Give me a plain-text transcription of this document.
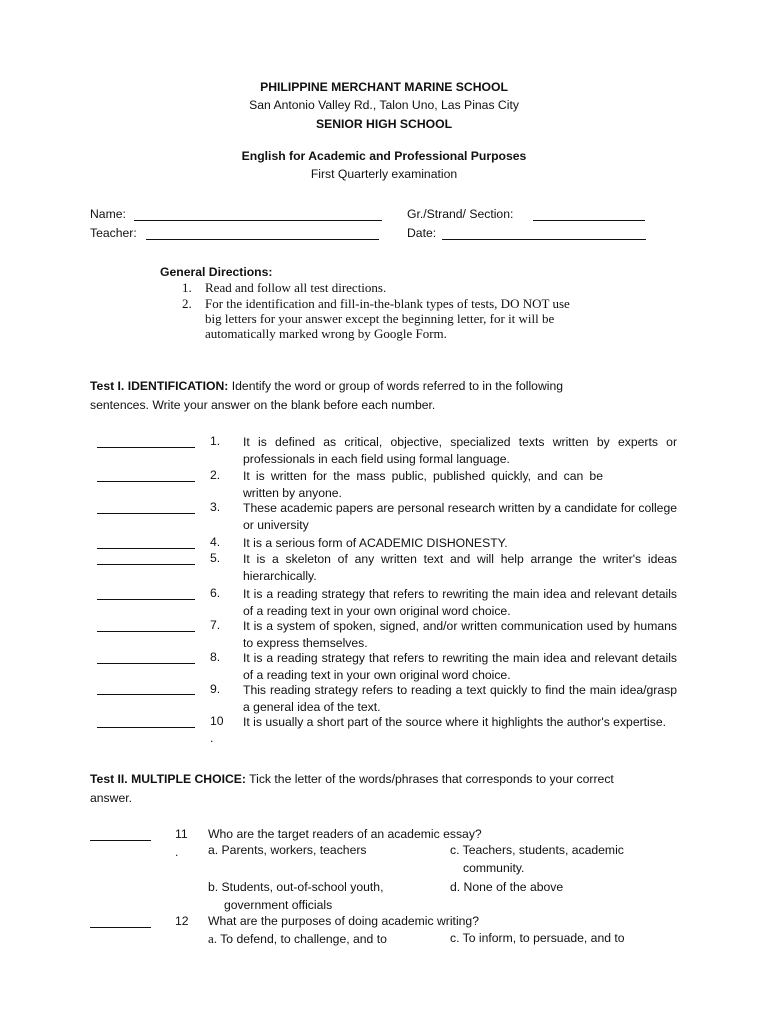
PHILIPPINE MERCHANT MARINE SCHOOL
San Antonio Valley Rd., Talon Uno, Las Pinas City
SENIOR HIGH SCHOOL
English for Academic and Professional Purposes
First Quarterly examination
Name:	Gr./Strand/ Section:
Teacher:	Date:
General Directions:
1. Read and follow all test directions.
2. For the identification and fill-in-the-blank types of tests, DO NOT use
big letters for your answer except the beginning letter, for it will be
automatically marked wrong by Google Form.
Test I. IDENTIFICATION: Identify the word or group of words referred to in the following
sentences. Write your answer on the blank before each number.
1. It is defined as critical, objective, specialized texts written by experts or professionals in each field using formal language.
2. It is written for the mass public, published quickly, and can be written by anyone.
3. These academic papers are personal research written by a candidate for college or university
4. It is a serious form of ACADEMIC DISHONESTY.
5. It is a skeleton of any written text and will help arrange the writer's ideas hierarchically.
6. It is a reading strategy that refers to rewriting the main idea and relevant details of a reading text in your own original word choice.
7. It is a system of spoken, signed, and/or written communication used by humans to express themselves.
8. It is a reading strategy that refers to rewriting the main idea and relevant details of a reading text in your own original word choice.
9. This reading strategy refers to reading a text quickly to find the main idea/grasp a general idea of the text.
10
.
It is usually a short part of the source where it highlights the author's expertise.
Test II. MULTIPLE CHOICE: Tick the letter of the words/phrases that corresponds to your correct
answer.
11
.
Who are the target readers of an academic essay?
a. Parents, workers, teachers	c. Teachers, students, academic
community.
b. Students, out-of-school youth,	d. None of the above
government officials
12 What are the purposes of doing academic writing?
a. To defend, to challenge, and to	c. To inform, to persuade, and to
